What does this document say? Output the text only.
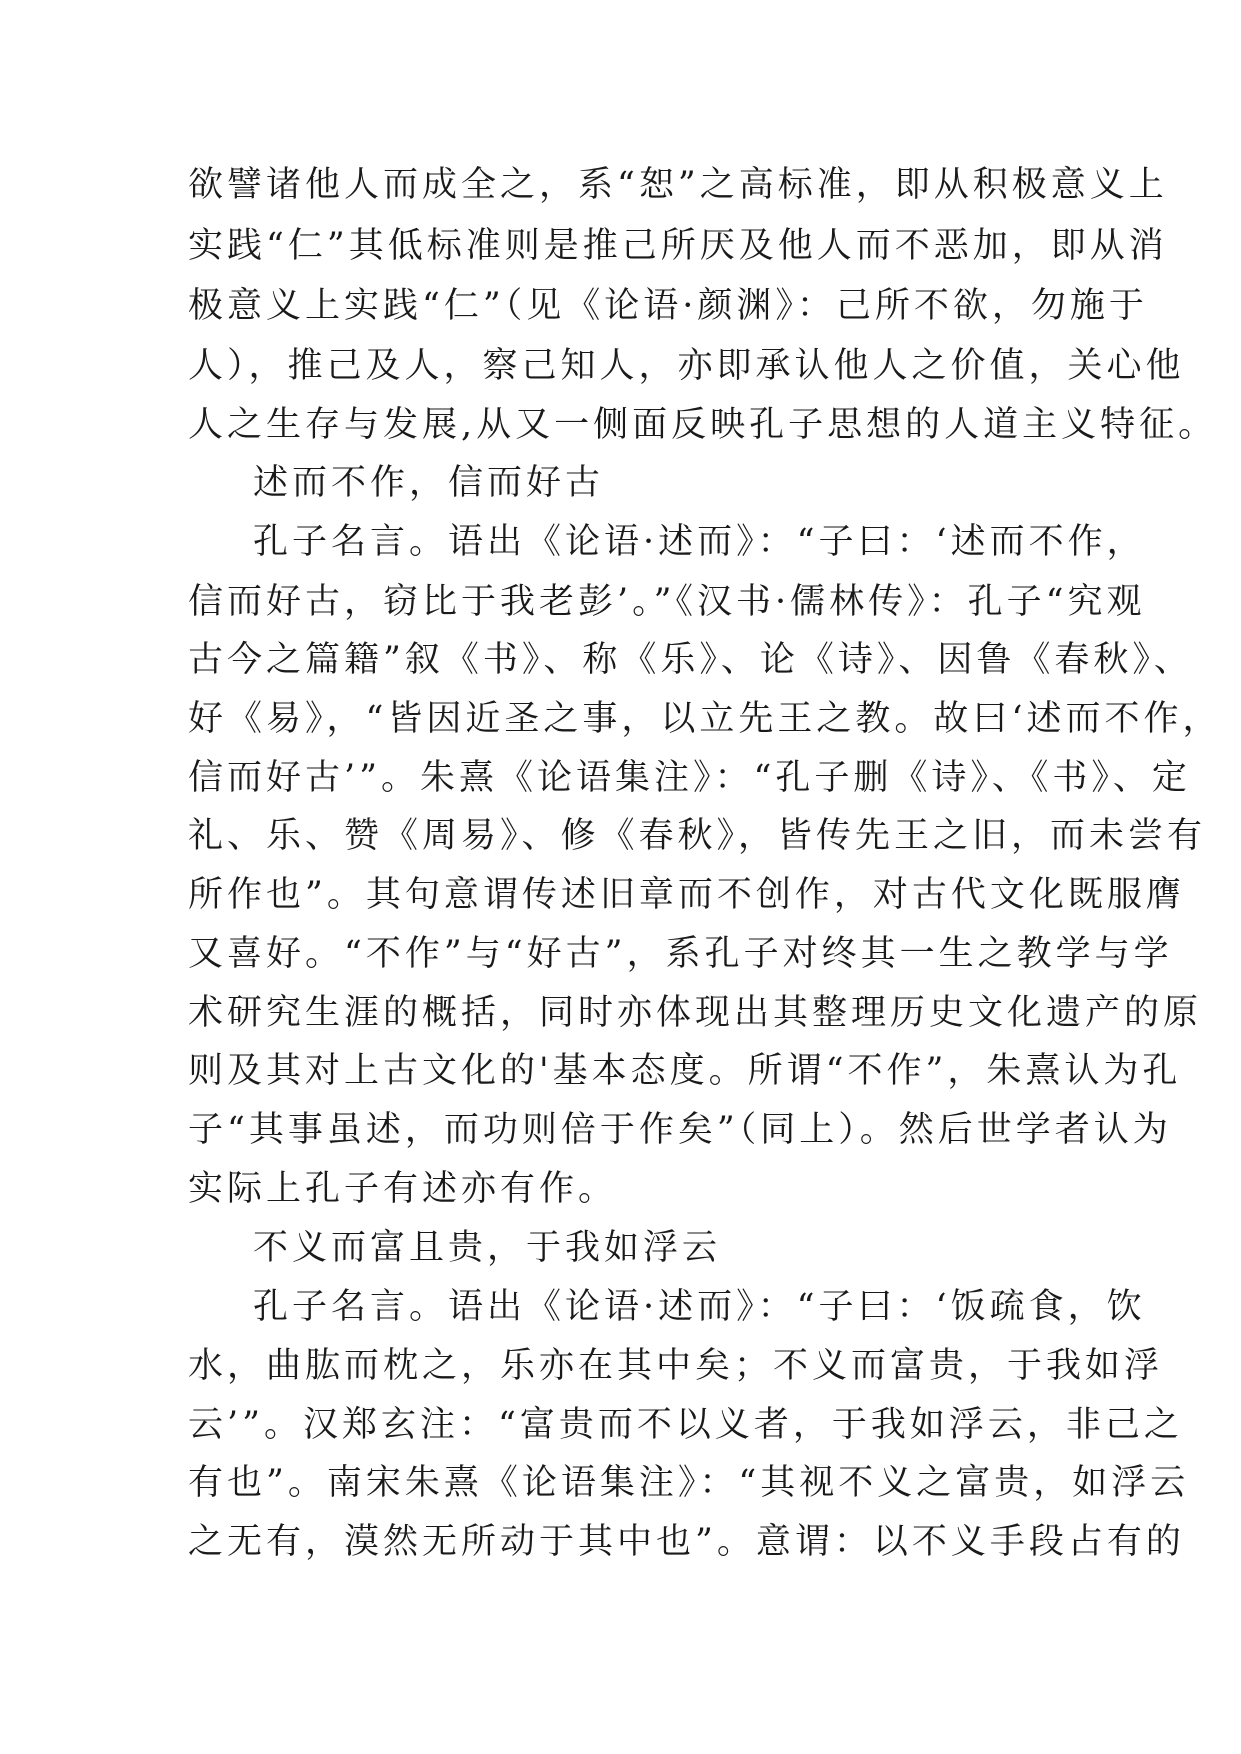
欲譬诸他人而成全之，系“恕”之高标准，即从积极意义上
实践“仁”其低标准则是推己所厌及他人而不恶加，即从消
极意义上实践“仁”（见《论语·颜渊》：己所不欲，勿施于
人），推己及人，察己知人，亦即承认他人之价值，关心他
人之生存与发展,从又一侧面反映孔子思想的人道主义特征。
述而不作，信而好古
孔子名言。语出《论语·述而》：“子曰：‘述而不作，
信而好古，窃比于我老彭’。”《汉书·儒林传》：孔子“究观
古今之篇籍”叙《书》、称《乐》、论《诗》、因鲁《春秋》、
好《易》，“皆因近圣之事，以立先王之教。故曰‘述而不作，
信而好古’”。朱熹《论语集注》：“孔子删《诗》、《书》、定
礼、乐、赞《周易》、修《春秋》，皆传先王之旧，而未尝有
所作也”。其句意谓传述旧章而不创作，对古代文化既服膺
又喜好。“不作”与“好古”，系孔子对终其一生之教学与学
术研究生涯的概括，同时亦体现出其整理历史文化遗产的原
则及其对上古文化的'基本态度。所谓“不作”，朱熹认为孔
子“其事虽述，而功则倍于作矣”（同上）。然后世学者认为
实际上孔子有述亦有作。
不义而富且贵，于我如浮云
孔子名言。语出《论语·述而》：“子曰：‘饭疏食，饮
水，曲肱而枕之，乐亦在其中矣；不义而富贵，于我如浮
云’”。汉郑玄注：“富贵而不以义者，于我如浮云，非己之
有也”。南宋朱熹《论语集注》：“其视不义之富贵，如浮云
之无有，漠然无所动于其中也”。意谓：以不义手段占有的
